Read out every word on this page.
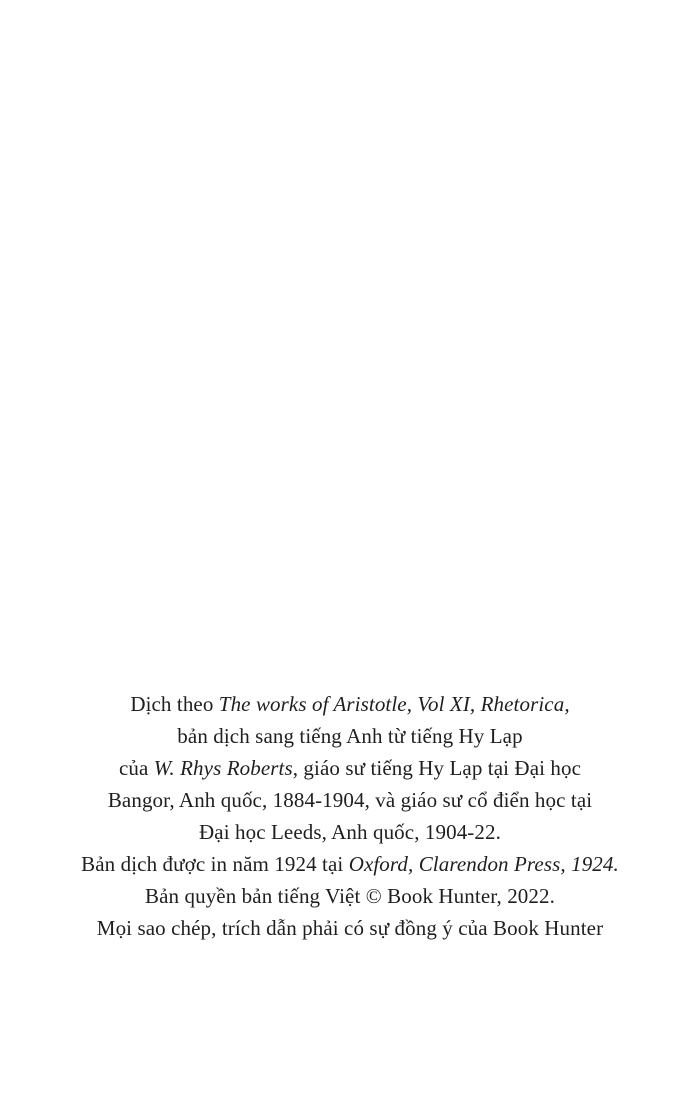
Dịch theo The works of Aristotle, Vol XI, Rhetorica,

bản dịch sang tiếng Anh từ tiếng Hy Lạp

của W. Rhys Roberts, giáo sư tiếng Hy Lạp tại Đại học

Bangor, Anh quốc, 1884-1904, và giáo sư cổ điển học tại

Đại học Leeds, Anh quốc, 1904-22.

Bản dịch được in năm 1924 tại Oxford, Clarendon Press, 1924.

Bản quyền bản tiếng Việt © Book Hunter, 2022.

Mọi sao chép, trích dẫn phải có sự đồng ý của Book Hunter
